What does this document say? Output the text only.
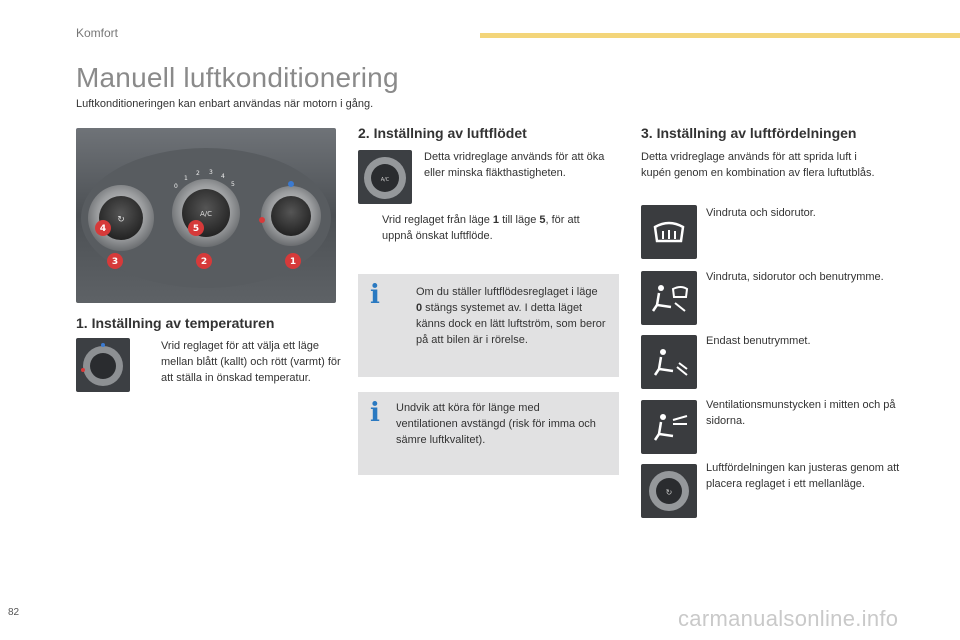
Komfort
Manuell luftkonditionering
Luftkonditioneringen kan enbart användas när motorn i gång.
↻
A/C
0
1
2 3
4
5
4	5
3	2	1
1. Inställning av temperaturen
Vrid reglaget för att välja ett läge mellan blått (kallt) och rött (varmt) för att ställa in önskad temperatur.
2. Inställning av luftflödet
A/C
Detta vridreglage används för att öka eller minska fläkthastigheten.
Vrid reglaget från läge 1 till läge 5, för att uppnå önskat luftflöde.
i	Om du ställer luftflödesreglaget i läge 0 stängs systemet av. I detta läget känns dock en lätt luftström, som beror på att bilen är i rörelse.
i Undvik att köra för länge med ventilationen avstängd (risk för imma och sämre luftkvalitet).
3. Inställning av luftfördelningen
Detta vridreglage används för att sprida luft i kupén genom en kombination av flera luftutblås.
Vindruta och sidorutor.
Vindruta, sidorutor och benutrymme.
Endast benutrymmet.
Ventilationsmunstycken i mitten och på sidorna.
↻
Luftfördelningen kan justeras genom att placera reglaget i ett mellanläge.
82	carmanualsonline.info
